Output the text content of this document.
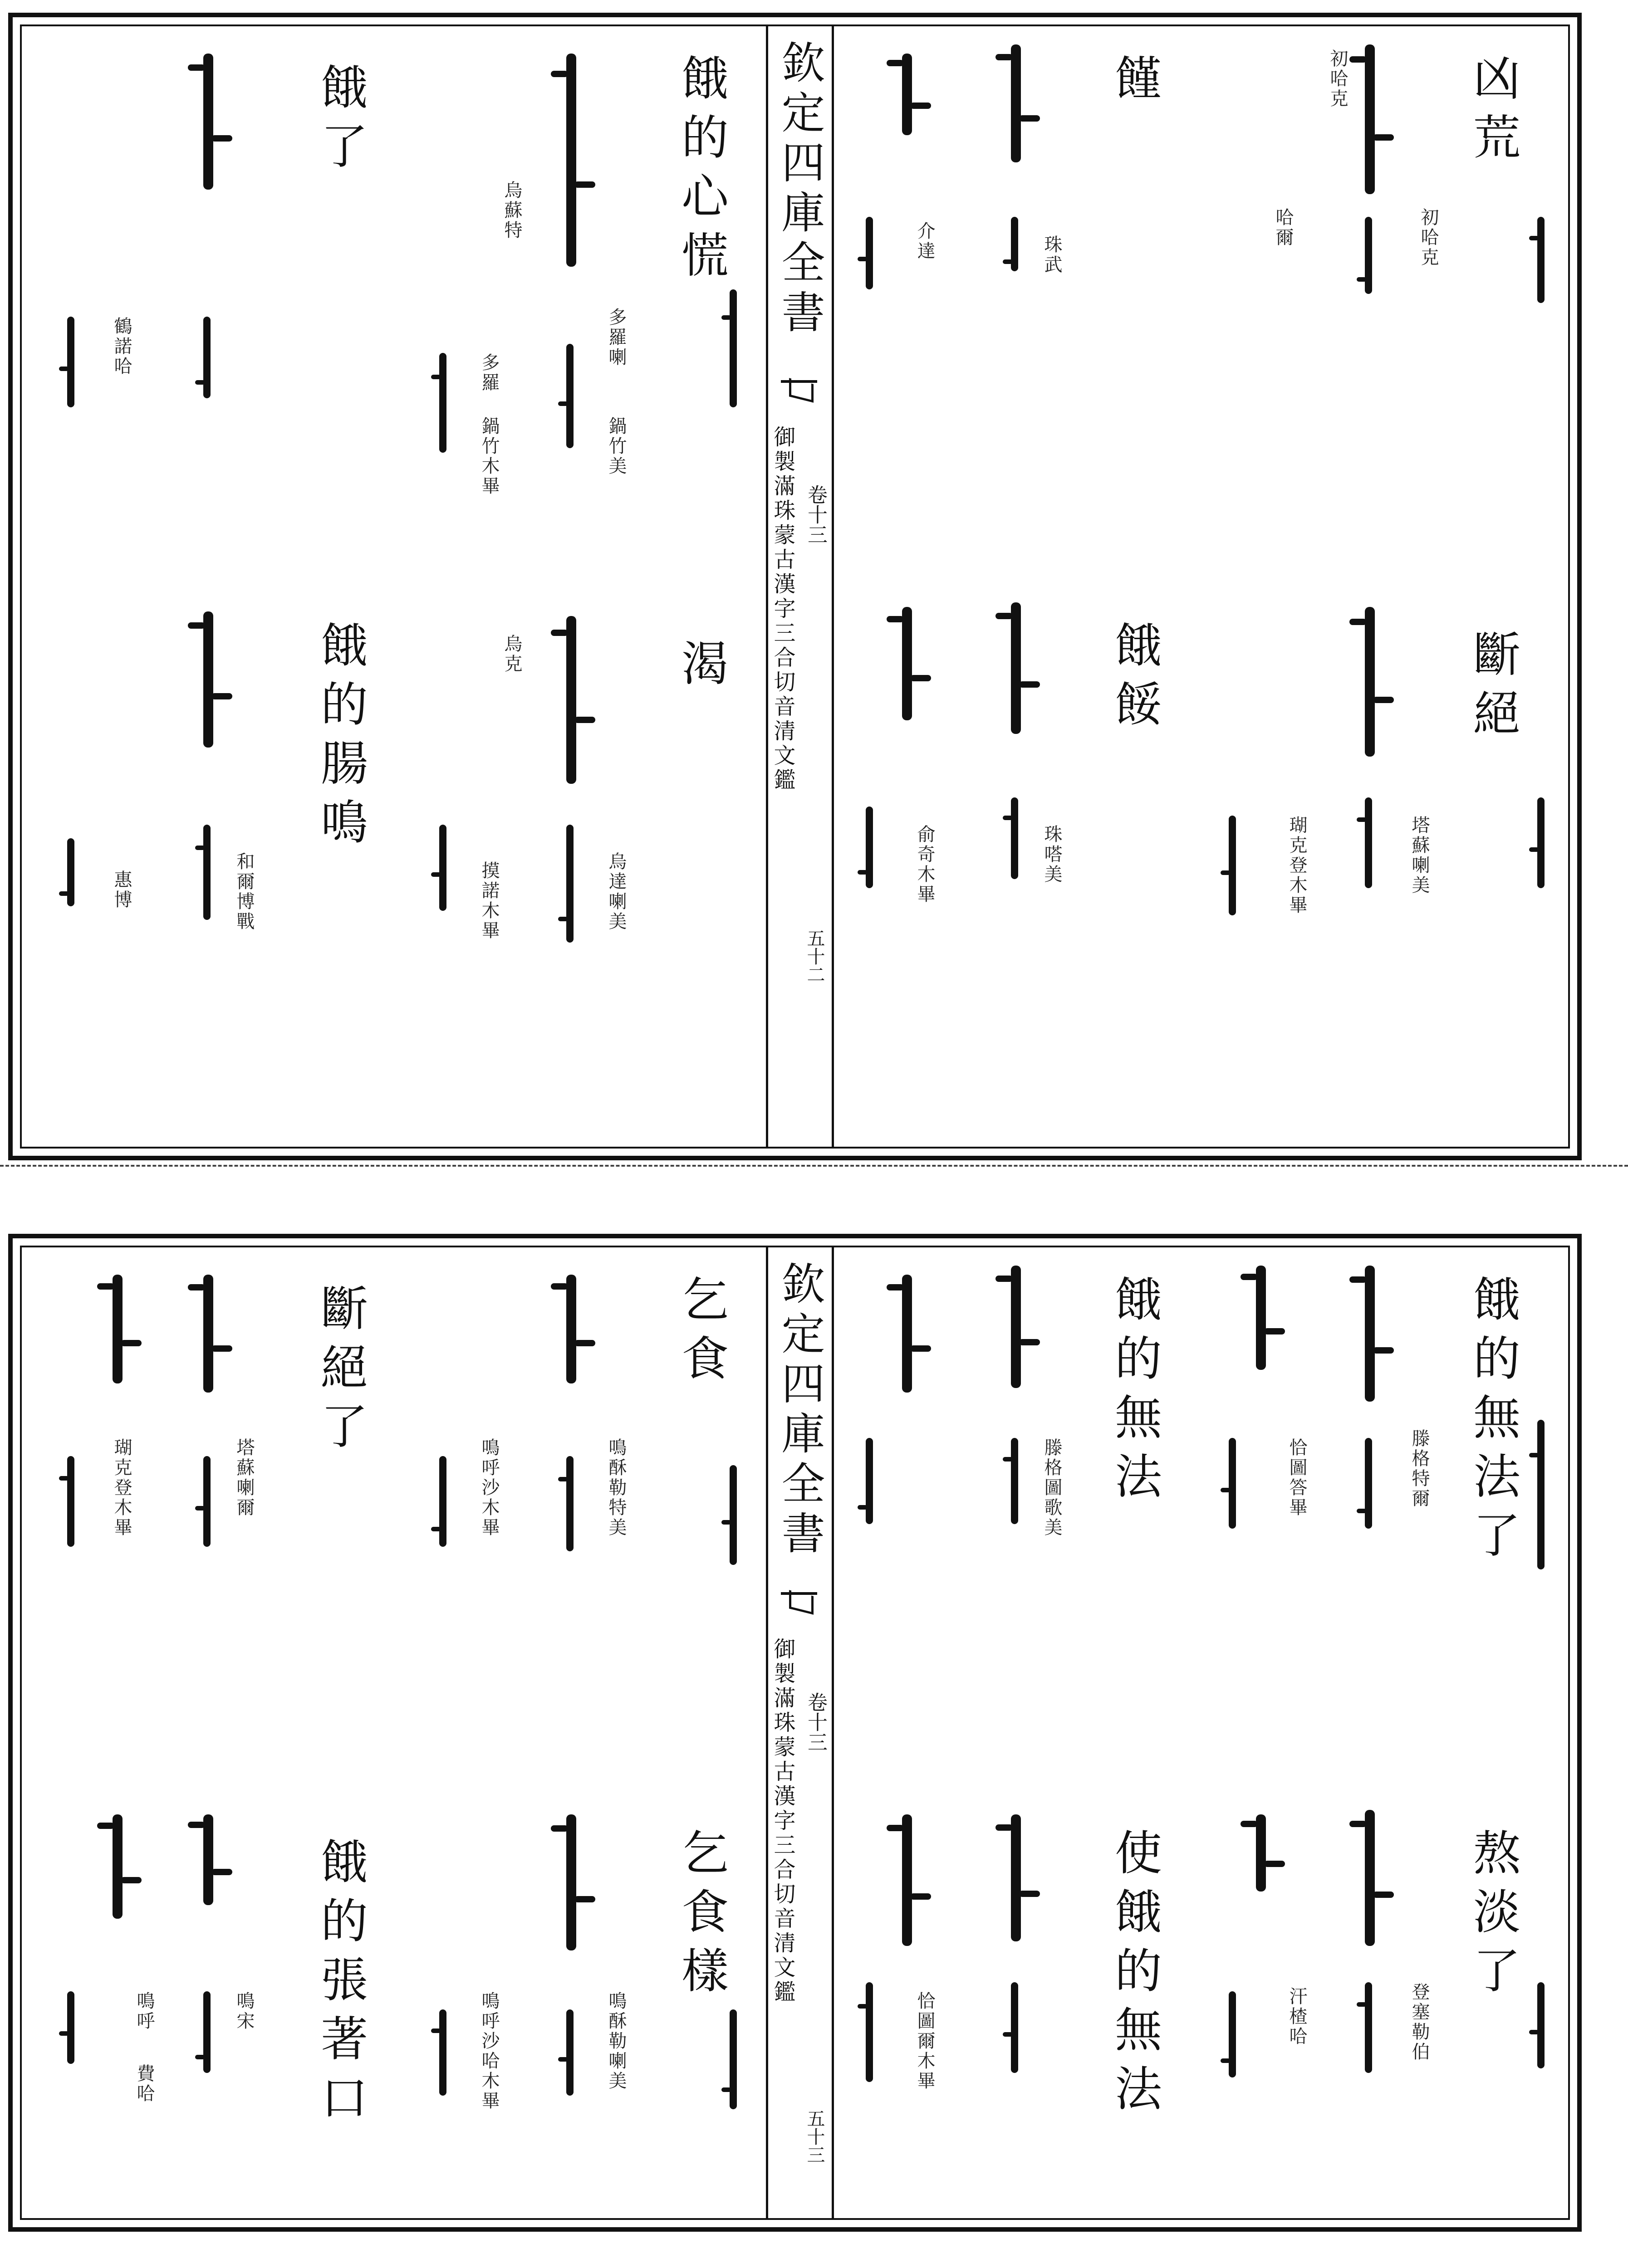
欽定四庫全書
御製滿珠蒙古漢字三合切音清文鑑 卷十三
五十二
凶荒
斷絕
饉
餓餒
餓的心慌
渴
餓了
餓的腸鳴
初哈克
初哈克
哈爾
塔蘇喇美
瑚克登木畢
珠武
珠嗒美
介達
俞奇木畢
多羅喇
鍋竹美
多羅
鍋竹木畢
烏達喇美
摸諾木畢
烏蘇特
烏克
和爾博戰
惠博
鶴諾哈
欽定四庫全書
御製滿珠蒙古漢字三合切音清文鑑 卷十三
五十三
餓的無法了
熬淡了
餓的無法
使餓的無法
乞食
乞食樣
斷絕了
餓的張著口
滕格特爾
登塞勒伯
恰圖答畢
汗楂哈
滕格圖歌美
恰圖爾木畢
鳴酥勒特美
鳴呼沙木畢
塔蘇喇爾
瑚克登木畢
鳴酥勒喇美
鳴呼沙哈木畢
鳴宋
鳴呼
費哈
